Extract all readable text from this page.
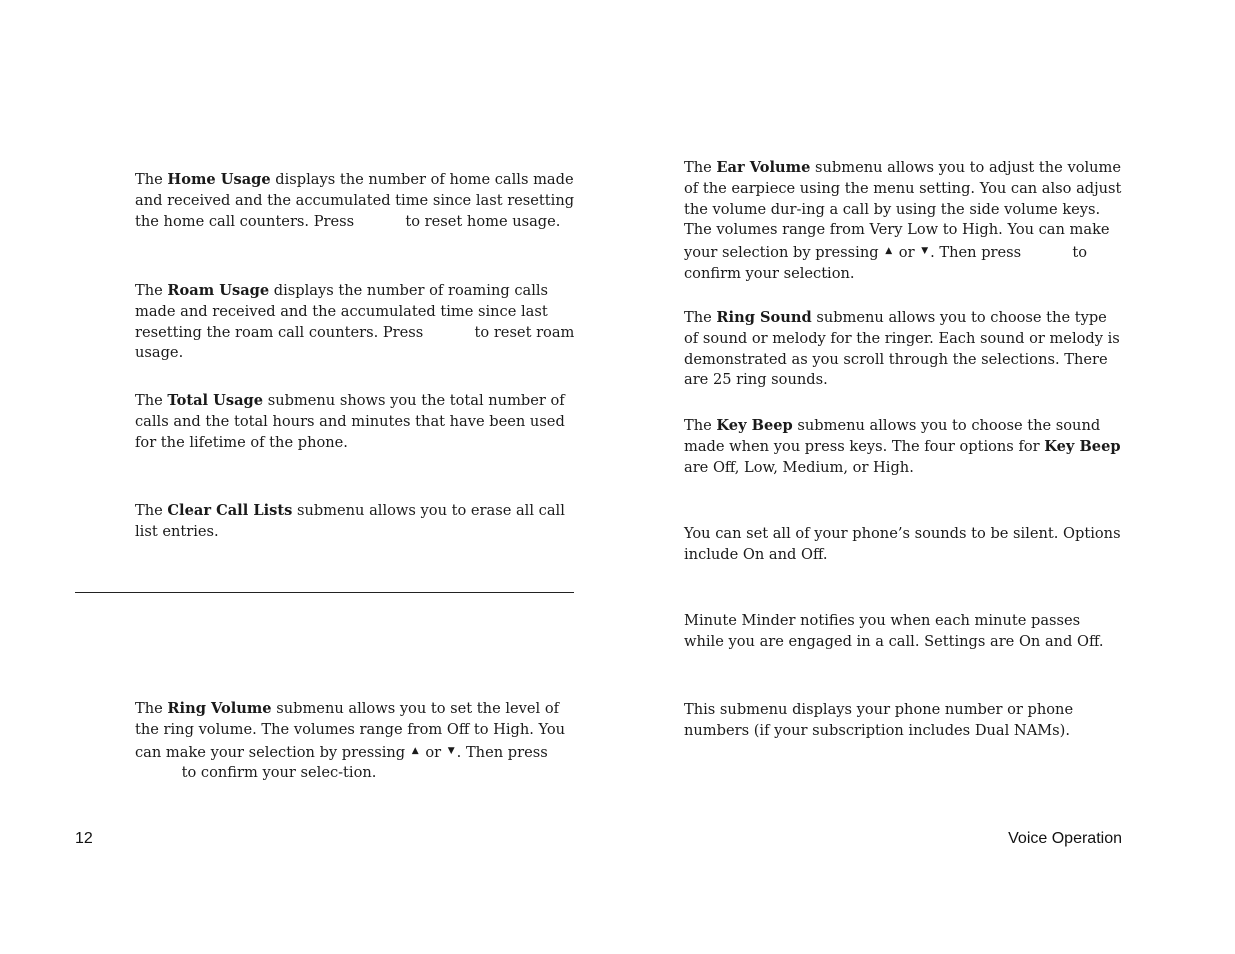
The Home Usage displays the number of home calls made and received and the accumulated time since last resetting the home call counters. Press	to reset home usage.

The Roam Usage displays the number of roaming calls made and received and the accumulated time since last resetting the roam call counters. Press	to reset roam usage.

The Total Usage submenu shows you the total number of calls and the total hours and minutes that have been used for the lifetime of the phone.

The Clear Call Lists submenu allows you to erase all call list entries.

The Ring Volume submenu allows you to set the level of the ring volume. The volumes range from Off to High. You can make your selection by pressing ▲ or ▼ . Then press  to confirm your selec-tion.

The Ear Volume submenu allows you to adjust the volume of the earpiece using the menu setting. You can also adjust the volume dur-ing a call by using the side volume keys. The volumes range from Very Low to High. You can make your selection by pressing ▲ or ▼ . Then press	to confirm your selection.

The Ring Sound submenu allows you to choose the type of sound or melody for the ringer. Each sound or melody is demonstrated as you scroll through the selections. There are 25 ring sounds.

The Key Beep submenu allows you to choose the sound made when you press keys. The four options for Key Beep are Off, Low, Medium, or High.

You can set all of your phone’s sounds to be silent. Options include On and Off.

Minute Minder notifies you when each minute passes while you are engaged in a call. Settings are On and Off.

This submenu displays your phone number or phone numbers (if your subscription includes Dual NAMs).

12	Voice Operation
